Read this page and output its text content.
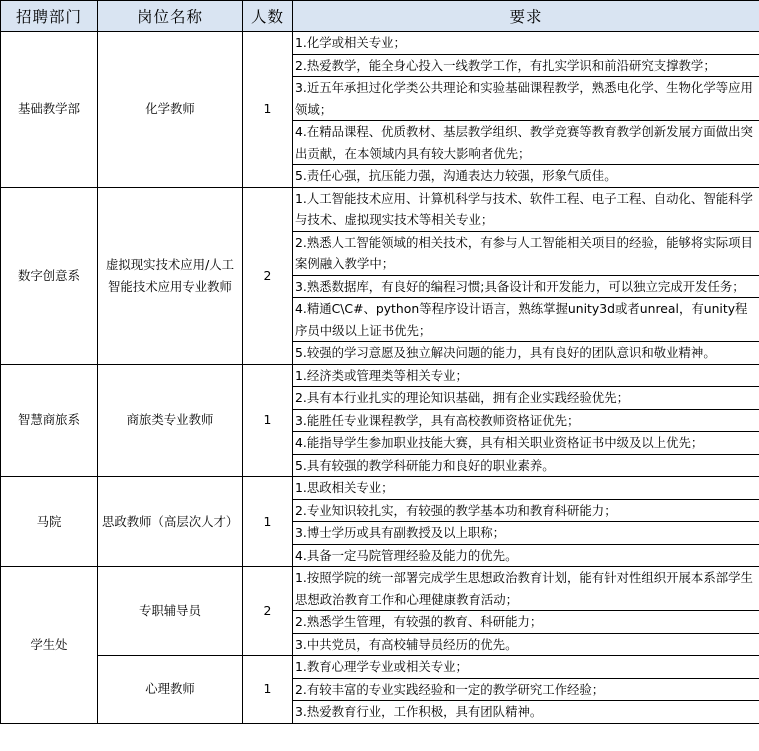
招聘部门	岗位名称	人数	要求
基础教学部	化学教师	1	1.化学或相关专业；
2.热爱教学，能全身心投入一线教学工作，有扎实学识和前沿研究支撑教学；
3.近五年承担过化学类公共理论和实验基础课程教学，熟悉电化学、生物化学等应用领域；
4.在精品课程、优质教材、基层教学组织、教学竞赛等教育教学创新发展方面做出突出贡献，在本领域内具有较大影响者优先；
5.责任心强，抗压能力强，沟通表达力较强，形象气质佳。

数字创意系	虚拟现实技术应用/人工智能技术应用专业教师	2	1.人工智能技术应用、计算机科学与技术、软件工程、电子工程、自动化、智能科学与技术、虚拟现实技术等相关专业；
2.熟悉人工智能领域的相关技术，有参与人工智能相关项目的经验，能够将实际项目案例融入教学中；
3.熟悉数据库，有良好的编程习惯;具备设计和开发能力，可以独立完成开发任务；
4.精通C\C#、python等程序设计语言，熟练掌握unity3d或者unreal，有unity程序员中级以上证书优先；
5.较强的学习意愿及独立解决问题的能力，具有良好的团队意识和敬业精神。

智慧商旅系	商旅类专业教师	1	1.经济类或管理类等相关专业；
2.具有本行业扎实的理论知识基础，拥有企业实践经验优先；
3.能胜任专业课程教学，具有高校教师资格证优先；
4.能指导学生参加职业技能大赛，具有相关职业资格证书中级及以上优先；
5.具有较强的教学科研能力和良好的职业素养。

马院	思政教师（高层次人才）	1	1.思政相关专业；
2.专业知识较扎实，有较强的教学基本功和教育科研能力；
3.博士学历或具有副教授及以上职称；
4.具备一定马院管理经验及能力的优先。

学生处	专职辅导员	2	1.按照学院的统一部署完成学生思想政治教育计划，能有针对性组织开展本系部学生思想政治教育工作和心理健康教育活动；
2.熟悉学生管理，有较强的教育、科研能力；
3.中共党员，有高校辅导员经历的优先。

	心理教师	1	1.教育心理学专业或相关专业；
2.有较丰富的专业实践经验和一定的教学研究工作经验；
3.热爱教育行业，工作积极，具有团队精神。
